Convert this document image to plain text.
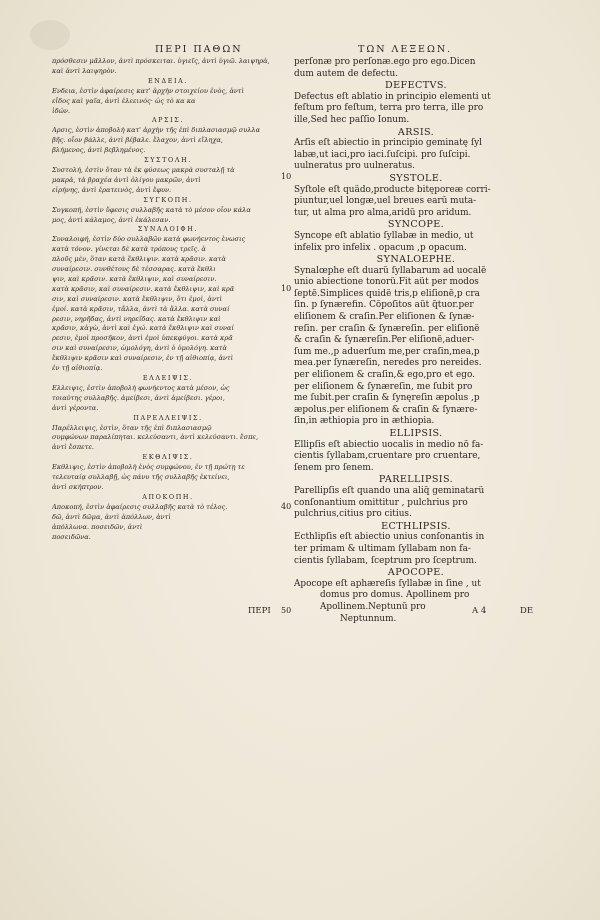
ΠΕΡΙ ΠΑΘΩΝ	ΤΩΝ ΛΕΞΕΩΝ.
πρόσθεσιν μᾶλλον, ἀντὶ πρόσκειται. ὑγιεῖς, ἀντὶ ὑγιῶ. λαιψηρὰ,
καὶ ἀντὶ λαιψηρὸν.
ΕΝΔΕΙΑ.
Ενδεια, ἐστὶν ἀφαίρεσις κατ' ἀρχὴν στοιχείου ἑνὸς, ἀντὶ
εἶδος καὶ γαῖα, ἀντὶ ἐλεεινός· ὡς τὸ κα κα
ἰδών.
ΑΡΣΙΣ.
Αρσις, ἐστὶν ἀποβολὴ κατ' ἀρχὴν τῆς ἐπὶ διπλασιασμῷ συλλα
βῆς. οἷον βάλλε, ἀντὶ βέβαλε. ἔλαχον, ἀντὶ εἴληχα,
βλήμενος, ἀντὶ βεβλημένος.
ΣΥΣΤΟΛΗ.
Συστολή, ἐστὶν ὅταν τὰ ἐκ φύσεως μακρὰ συσταλῇ τὰ
μακρὰ, τὰ βραχέα ἀντὶ ὀλίγου μακρῶν, ἀντὶ
εἰρήνης, ἀντὶ ἐρατεινὸς, ἀντὶ ἔφυν.
ΣΥΓΚΟΠΗ.
Συγκοπή, ἐστὶν ὕφεσις συλλαβῆς κατὰ τὸ μέσον οἷον κάλα
μος, ἀντὶ κάλαμος, ἀντὶ ἐκάλεσαν.
ΣΥΝΑΛΟΙΦΗ.
Συναλοιφή, ἐστὶν δύο συλλαβῶν κατὰ φωνήεντος ἑνωσις
κατὰ τόνον. γίνεται δὲ κατὰ τρόπους τρεῖς. ἁ
πλοῦς μὲν, ὅταν κατὰ ἔκθλιψιν. κατὰ κρᾶσιν. κατὰ
συναίρεσιν. συνθέτους δὲ τέσσαρας. κατὰ ἔκθλι
ψιν, καὶ κρᾶσιν. κατὰ ἔκθλιψιν, καὶ συναίρεσιν.
κατὰ κρᾶσιν, καὶ συναίρεσιν. κατὰ ἔκθλιψιν, καὶ κρᾶ
σιν, καὶ συναίρεσιν. κατὰ ἔκθλιψιν, ὅτι ἐμοὶ, ἀντὶ
ἐμοί. κατὰ κρᾶσιν, τἄλλα, ἀντὶ τὰ ἄλλα. κατὰ συναί
ρεσιν, νηρῆδας, ἀντὶ νηρεΐδας. κατὰ ἔκθλιψιν καὶ
κρᾶσιν, κἀγὼ, ἀντὶ καὶ ἐγώ. κατὰ ἔκθλιψιν καὶ συναί
ρεσιν, ἐμοὶ προσῆκον, ἀντὶ ἐμοὶ ὑπεκφύγοι. κατὰ κρᾶ
σιν καὶ συναίρεσιν, ὡμολόγη, ἀντὶ ὁ ὁμολόγη. κατὰ
ἔκθλιψιν κρᾶσιν καὶ συναίρεσιν, ἐν τῇ αἰθιοπίᾳ, ἀντὶ
ἐν τῇ αἰθιοπίᾳ.
ΕΛΛΕΙΨΙΣ.
Ελλειψις, ἐστὶν ἀποβολὴ φωνήεντος κατὰ μέσον, ὡς
τοιαύτης συλλαβῆς. ἀμείβεσι, ἀντὶ ἀμείβεσι. γέροι,
ἀντὶ γέροντα.
ΠΑΡΕΛΛΕΙΨΙΣ.
Παρέλλειψις, ἐστὶν, ὅταν τῆς ἐπὶ διπλασιασμῷ
συμφώνων παραλίπηται. κελεύσαντι, ἀντὶ κελεύσαντι. ἔσπε,
ἀντὶ ἔσπετε.
ΕΚΘΛΙΨΙΣ.
Εκθλιψις, ἐστὶν ἀποβολὴ ἑνὸς συμφώνου, ἐν τῇ πρώτῃ τε
τελευταίᾳ συλλαβῇ, ὡς πάνυ τῆς συλλαβῆς ἐκτείνει,
ἀντὶ σκήπτρον.
ΑΠΟΚΟΠΗ.
Αποκοπή, ἐστὶν ἀφαίρεσις συλλαβῆς κατὰ τὸ τέλος.
δῶ, ἀντὶ δῶμα, ἀντὶ ἀπόλλων, ἀντὶ
ἀπόλλωνα. ποσειδῶν, ἀντὶ
ποσειδῶνα.
perſonæ pro perſonæ.ego pro ego.Dicen
dum autem de defectu.
DEFECTVS.
Defectus eſt ablatio in principio elementi ut
feſtum pro feſtum, terra pro terra, ille pro
ille,Sed hec paſſio Ionum.
ARSIS.
Arſis eſt abiectio in principio geminatę ſyl
labæ,ut iaci,pro iaci.ſuſcipi. pro ſuſcipi.
uulneratus pro uulneratus.
SYSTOLE.
Syſtole eſt quãdo,producte bitęporeæ corri-
piuntur,uel longæ,uel breues earũ muta-
tur, ut alma pro alma,aridũ pro aridum.
SYNCOPE.
Syncope eſt ablatio ſyllabæ in medio, ut
infelix pro infelix . opacum ,p opacum.
SYNALOEPHE.
Synalœphe eſt duarũ ſyllabarum ad uocalẽ
unio abiectione tonorũ.Fit aũt per modos
ſeptẽ.Simplices quidẽ tris,p eliſionẽ,p cra
ſin. p ſynærefin. Cõpoſitos aũt q̃tuor.per
eliſionem & craſin.Per eliſionen & ſynæ-
reſin. per craſin & ſynæreſin. per eliſionẽ
& craſin & ſynæreſin.Per eliſionẽ,aduer-
ſum me.,p aduerſum me,per craſin,mea,p
mea.per ſynæreſin, neredes pro nereides.
per eliſionem & craſin,& ego,pro et ego.
per eliſionem & ſynæreſin, me ſubit pro
me ſubit.per craſin & ſynęreſin æpolus ,p
æpolus.per eliſionem & craſin & ſynære-
ſin,in æthiopia pro in æthiopia.
ELLIPSIS.
Ellipſis eſt abiectio uocalis in medio nõ fa-
cientis ſyllabam,cruentare pro cruentare,
ſenem pro ſenem.
PARELLIPSIS.
Parellipſis eſt quando una aliq̃ geminatarũ
conſonantium omittitur , pulchrius pro
pulchrius,citius pro citius.
ECTHLIPSIS.
Ecthlipſis eſt abiectio unius conſonantis in
ter primam & ultimam ſyllabam non fa-
cientis ſyllabam, ſceptrum pro ſceptrum.
APOCOPE.
Apocope eſt aphæreſis ſyllabæ in ſine , ut
domus pro domus. Apollinem pro
Apollinem.Neptunũ pro
Neptunnum.
10
10
40
50
ΠΕΡΙ	A 4	DE
